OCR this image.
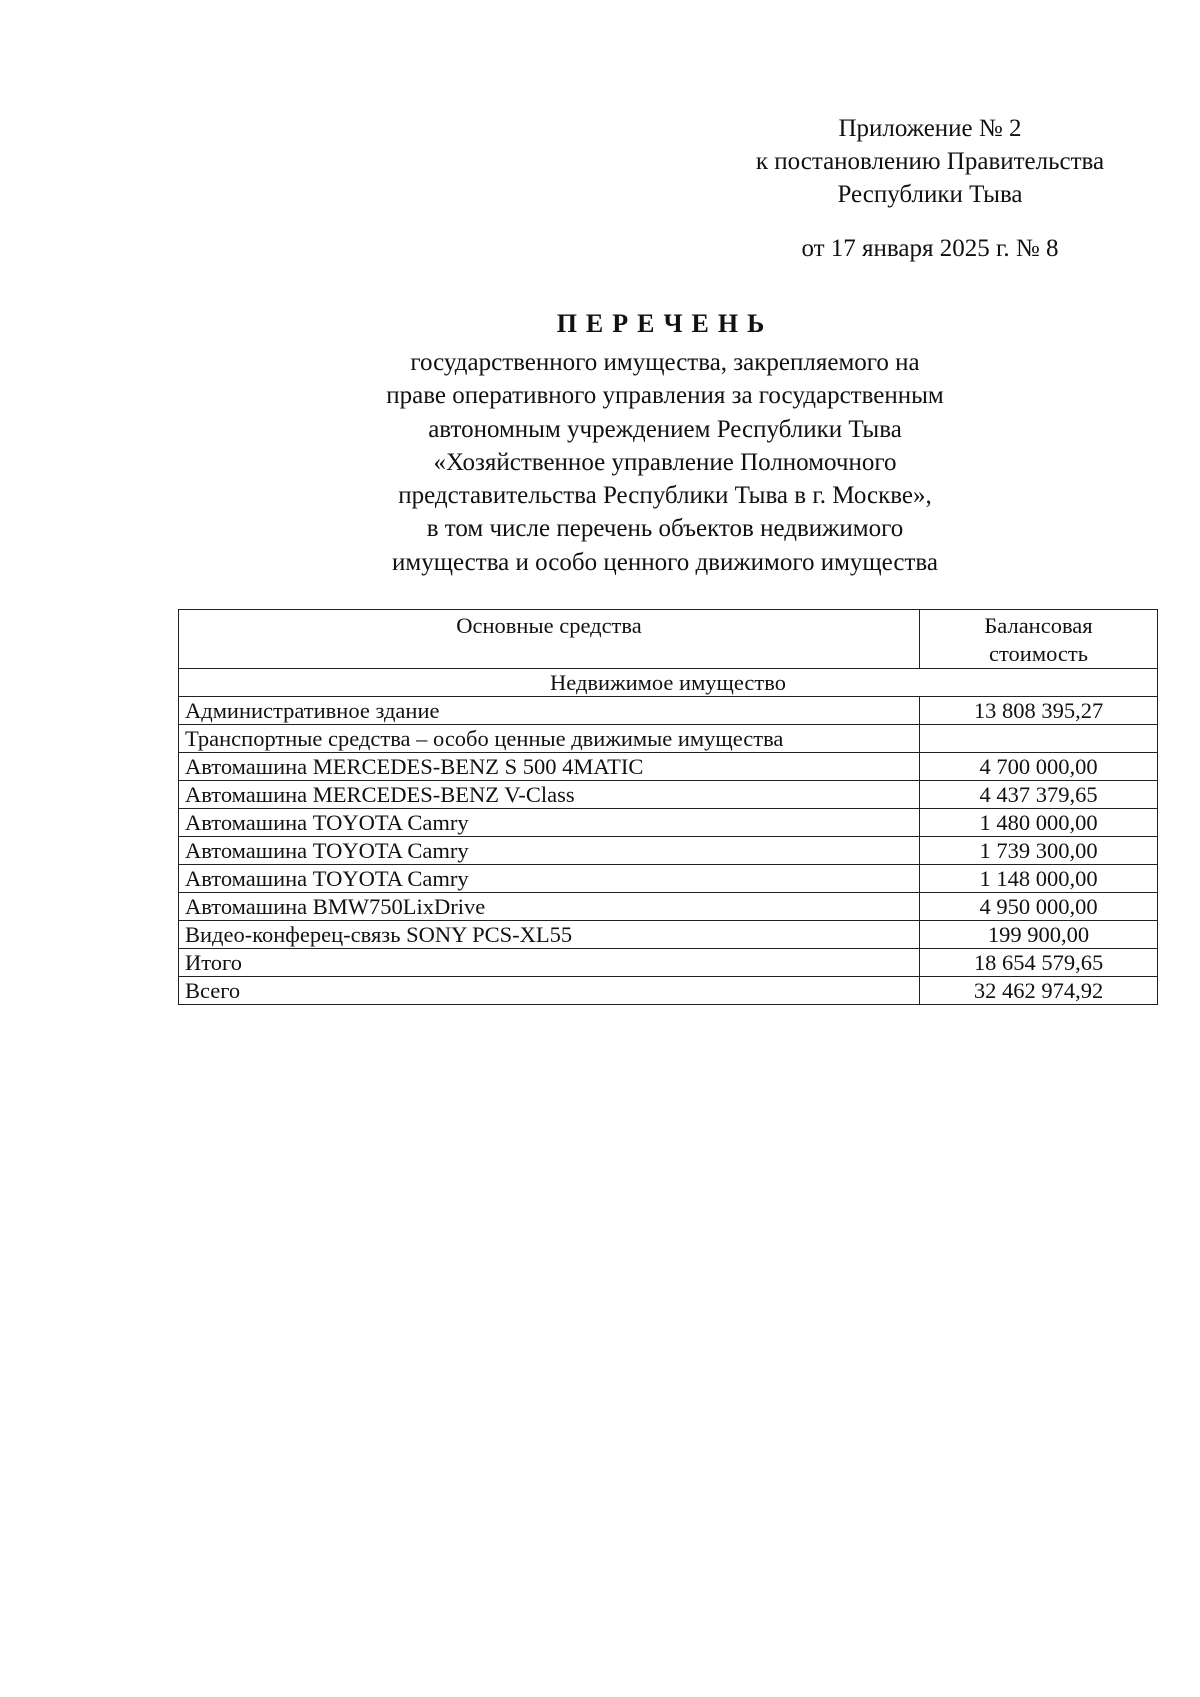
Приложение № 2
к постановлению Правительства
Республики Тыва
от 17 января 2025 г. № 8
ПЕРЕЧЕНЬ
государственного имущества, закрепляемого на
праве оперативного управления за государственным
автономным учреждением Республики Тыва
«Хозяйственное управление Полномочного
представительства Республики Тыва в г. Москве»,
в том числе перечень объектов недвижимого
имущества и особо ценного движимого имущества
Основные средства	Балансовая
стоимость

Недвижимое имущество	
Административное здание	13 808 395,27
Транспортные средства – особо ценные движимые имущества	
Автомашина MERCEDES-BENZ S 500 4MATIC	4 700 000,00
Автомашина MERCEDES-BENZ V-Class	4 437 379,65
Автомашина TOYOTA Camry	1 480 000,00
Автомашина TOYOTA Camry	1 739 300,00
Автомашина TOYOTA Camry	1 148 000,00
Автомашина BMW750LixDrive	4 950 000,00
Видео-конферец-связь SONY PCS-XL55	199 900,00
Итого	18 654 579,65
Всего	32 462 974,92
